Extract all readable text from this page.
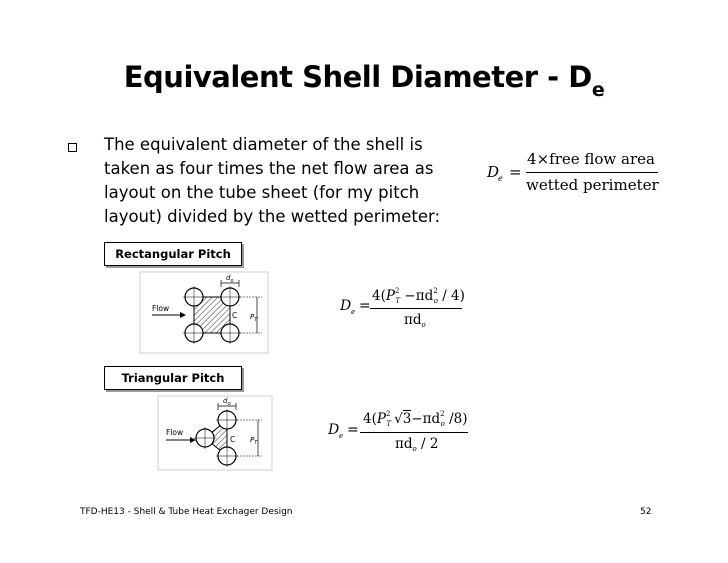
Equivalent Shell Diameter - $D_e$
The equivalent diameter of the shell is taken as four times the net flow area as layout on the tube sheet (for my pitch layout) divided by the wetted perimeter:
D
e =
4×free flow area
wetted perimeter
Rectangular Pitch
$d_o$
Flow
C $P_T$
D e =
$4(P^2_T -\pi d^2_o / 4)$
$\pi d_o$
Triangular Pitch
$d_o$
Flow
C $P_T$
D e =
$4(P^2_T$ $√3-\pi d^2_o$ /8)
$\pi d_o / 2$
TFD-HE13 - Shell & Tube Heat Exchager Design	52
